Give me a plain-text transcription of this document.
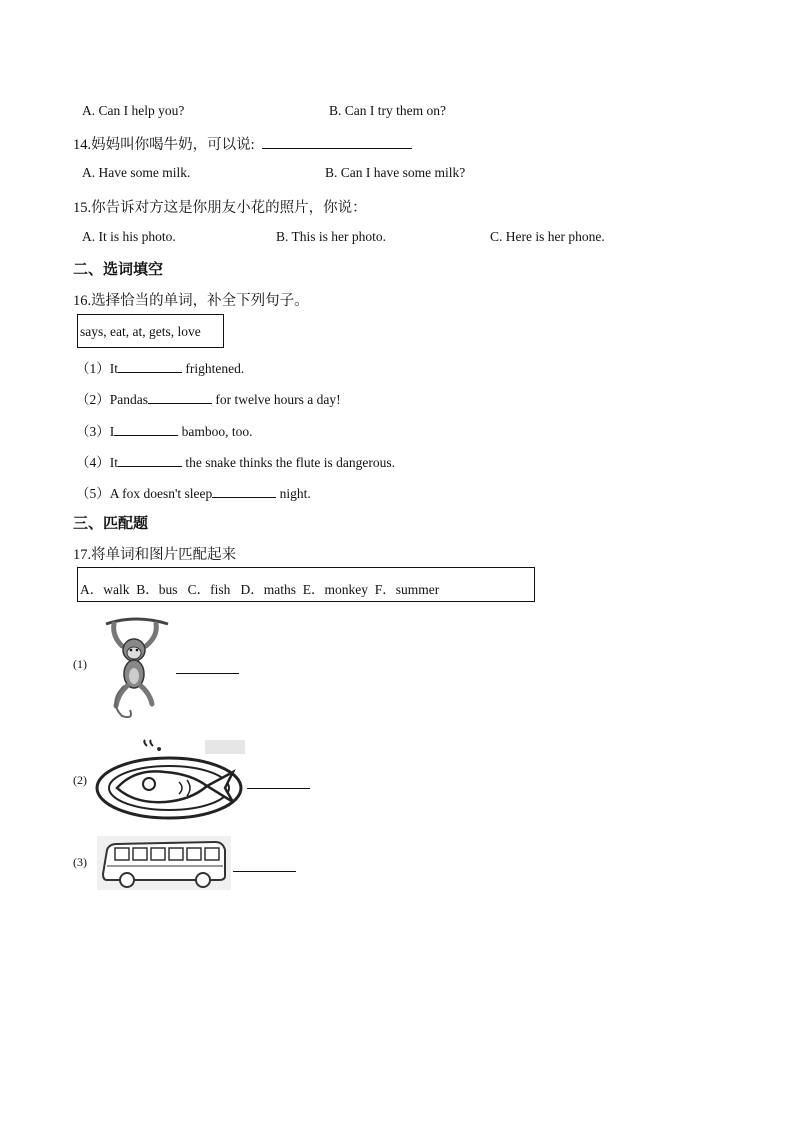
A. Can I help you?	B. Can I try them on?
14.妈妈叫你喝牛奶，可以说:
A. Have some milk.	B. Can I have some milk?
15.你告诉对方这是你朋友小花的照片，你说：
A. It is his photo.	B. This is her photo.	C. Here is her phone.
二、选词填空
16.选择恰当的单词，补全下列句子。
says, eat, at, gets, love
（1）It	frightened.
（2）Pandas	for twelve hours a day!
（3）I	bamboo, too.
（4）It	the snake thinks the flute is dangerous.
（5）A fox doesn't sleep	night.
三、匹配题
17.将单词和图片匹配起来
A．walk  B．bus   C．fish   D．maths  E．monkey  F．summer
(1)
(2)
(3)
